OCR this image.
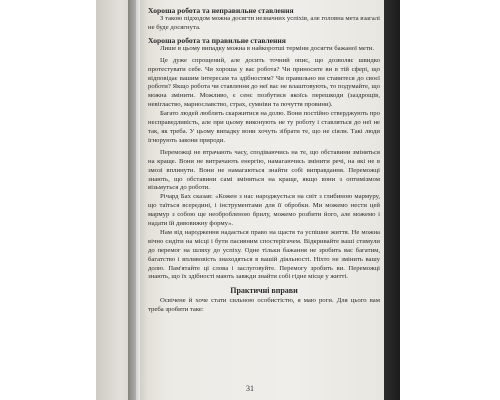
Хороша робота та неправильне ставлення

З такою підходом можна досягти незначних успіхів, але головна мета взагалі не буде досягнута.

Хороша робота та правильне ставлення

Лише в цьому випадку можна в найкоротші терміни досягти бажаної мети.

Це дуже спрощений, але досить точний опис, що дозволяє швидко протестувати себе. Чи хороша у вас робота? Чи приносите ви в тій сфері, що відповідає вашим інтересам та здібностям? Чи правильно ви ставитеся до своєї роботи? Якщо робота чи ставлення до неї вас не влаштовують, то подумайте, що можна змінити. Можливо, є сенс позбутися якоїсь перешкоди (заздрощів, невігластво, марнославство, страх, сумніви та почуття провини).

Багато людей люблять скаржитися на долю. Вони постійно стверджують про несправедливість, але при цьому виконують не ту роботу і ставляться до неї не так, як треба. У цьому випадку вони хочуть зібрати те, що не сіяли. Такі люди ігнорують закони природи.

Переможці не втрачають часу, сподіваючись на те, що обставини зміняться на краще. Вони не витрачають енергію, намагаючись змінити речі, на які не в змозі вплинути. Вони не намагаються знайти собі виправдання. Переможці знають, що обставини самі зміняться на краще, якщо вони з оптимізмом візьмуться до роботи.

Річард Бах сказав: «Кожен з нас народжується на світ з глибиною мармуру, що таїться всередині, і інструментами для її обробки. Ми можемо нести цей мармур з собою ще необробленою брилу, можемо розбити його, але можемо і надати їй дивовижну форму».

Нам від народження надається право на щастя та успішне життя. Не можна вічно сидіти на місці і бути пасивним спостерігачем. Відкривайте ваші стимули до перемог на шляху до успіху. Одне тільки бажання не зробить вас багатим, багатство і впливовість знаходяться в вашій діяльності. Ніхто не змінить вашу долю. Пам'ятайте ці слова і заслуговуйте. Перемогу зробить ви. Переможці знають, що їх здібності мають завжди знайти собі гідне місце у житті.

Практичні вправи

Освічене й хоче стати сильною особистістю, я маю роги. Для цього вам треба зробити таке:

31
